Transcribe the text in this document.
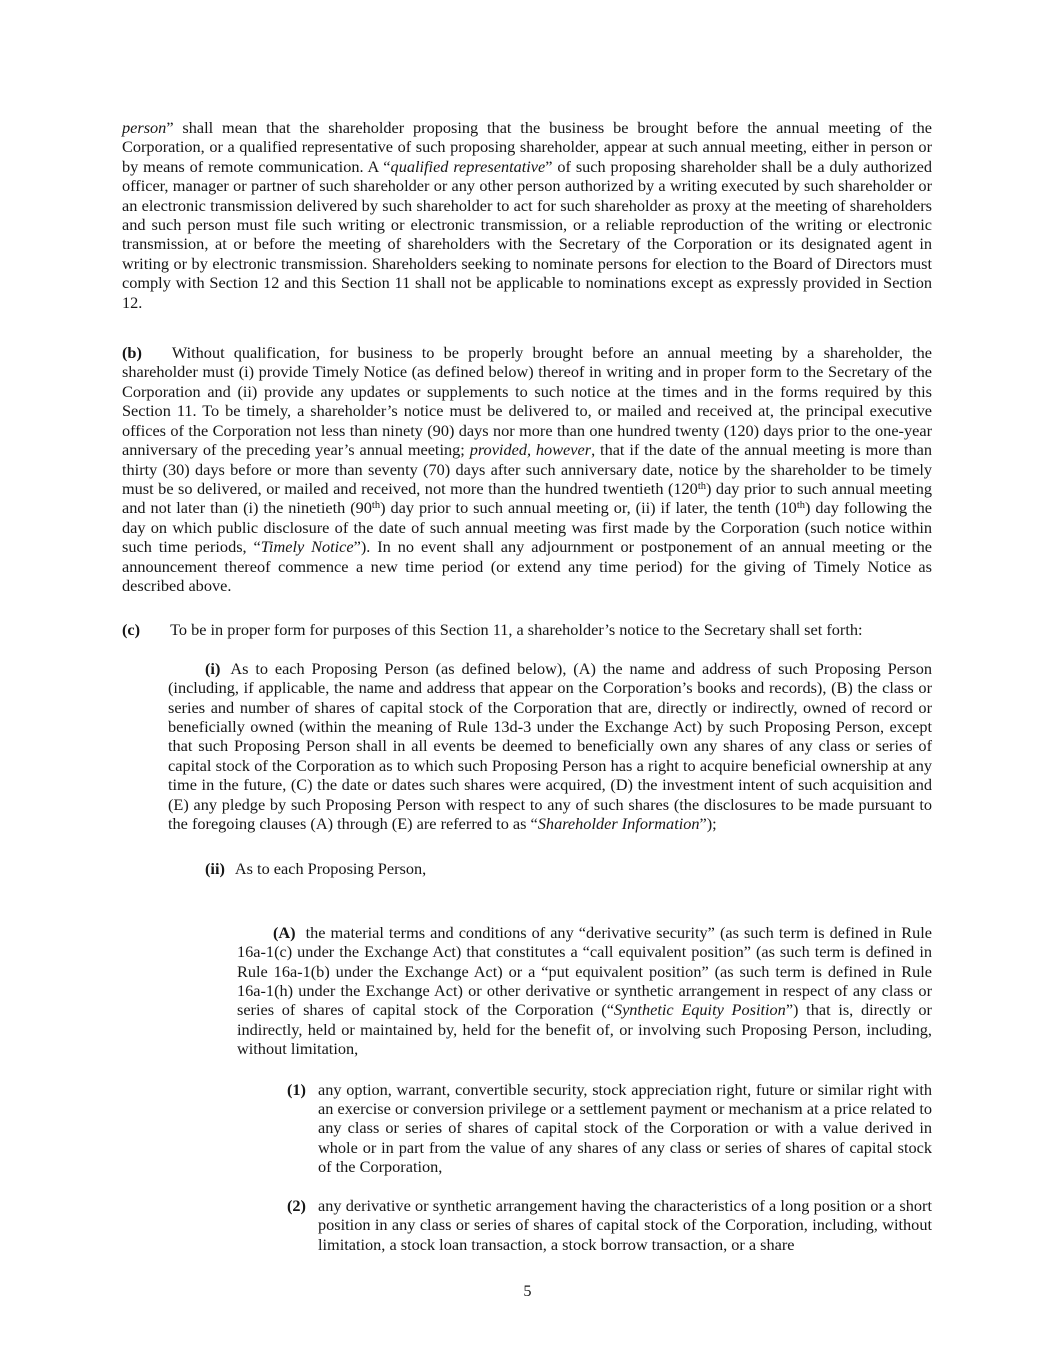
person” shall mean that the shareholder proposing that the business be brought before the annual meeting of the Corporation, or a qualified representative of such proposing shareholder, appear at such annual meeting, either in person or by means of remote communication. A “qualified representative” of such proposing shareholder shall be a duly authorized officer, manager or partner of such shareholder or any other person authorized by a writing executed by such shareholder or an electronic transmission delivered by such shareholder to act for such shareholder as proxy at the meeting of shareholders and such person must file such writing or electronic transmission, or a reliable reproduction of the writing or electronic transmission, at or before the meeting of shareholders with the Secretary of the Corporation or its designated agent in writing or by electronic transmission. Shareholders seeking to nominate persons for election to the Board of Directors must comply with Section 12 and this Section 11 shall not be applicable to nominations except as expressly provided in Section 12.

(b) Without qualification, for business to be properly brought before an annual meeting by a shareholder, the shareholder must (i) provide Timely Notice (as defined below) thereof in writing and in proper form to the Secretary of the Corporation and (ii) provide any updates or supplements to such notice at the times and in the forms required by this Section 11. To be timely, a shareholder’s notice must be delivered to, or mailed and received at, the principal executive offices of the Corporation not less than ninety (90) days nor more than one hundred twenty (120) days prior to the one-year anniversary of the preceding year’s annual meeting; provided, however, that if the date of the annual meeting is more than thirty (30) days before or more than seventy (70) days after such anniversary date, notice by the shareholder to be timely must be so delivered, or mailed and received, not more than the hundred twentieth (120th) day prior to such annual meeting and not later than (i) the ninetieth (90th) day prior to such annual meeting or, (ii) if later, the tenth (10th) day following the day on which public disclosure of the date of such annual meeting was first made by the Corporation (such notice within such time periods, “Timely Notice”). In no event shall any adjournment or postponement of an annual meeting or the announcement thereof commence a new time period (or extend any time period) for the giving of Timely Notice as described above.

(c) To be in proper form for purposes of this Section 11, a shareholder’s notice to the Secretary shall set forth:

(i) As to each Proposing Person (as defined below), (A) the name and address of such Proposing Person (including, if applicable, the name and address that appear on the Corporation’s books and records), (B) the class or series and number of shares of capital stock of the Corporation that are, directly or indirectly, owned of record or beneficially owned (within the meaning of Rule 13d-3 under the Exchange Act) by such Proposing Person, except that such Proposing Person shall in all events be deemed to beneficially own any shares of any class or series of capital stock of the Corporation as to which such Proposing Person has a right to acquire beneficial ownership at any time in the future, (C) the date or dates such shares were acquired, (D) the investment intent of such acquisition and (E) any pledge by such Proposing Person with respect to any of such shares (the disclosures to be made pursuant to the foregoing clauses (A) through (E) are referred to as “Shareholder Information”);

(ii) As to each Proposing Person,

(A) the material terms and conditions of any “derivative security” (as such term is defined in Rule 16a-1(c) under the Exchange Act) that constitutes a “call equivalent position” (as such term is defined in Rule 16a-1(b) under the Exchange Act) or a “put equivalent position” (as such term is defined in Rule 16a-1(h) under the Exchange Act) or other derivative or synthetic arrangement in respect of any class or series of shares of capital stock of the Corporation (“Synthetic Equity Position”) that is, directly or indirectly, held or maintained by, held for the benefit of, or involving such Proposing Person, including, without limitation,

(1) any option, warrant, convertible security, stock appreciation right, future or similar right with an exercise or conversion privilege or a settlement payment or mechanism at a price related to any class or series of shares of capital stock of the Corporation or with a value derived in whole or in part from the value of any shares of any class or series of shares of capital stock of the Corporation,

(2) any derivative or synthetic arrangement having the characteristics of a long position or a short position in any class or series of shares of capital stock of the Corporation, including, without limitation, a stock loan transaction, a stock borrow transaction, or a share

5
